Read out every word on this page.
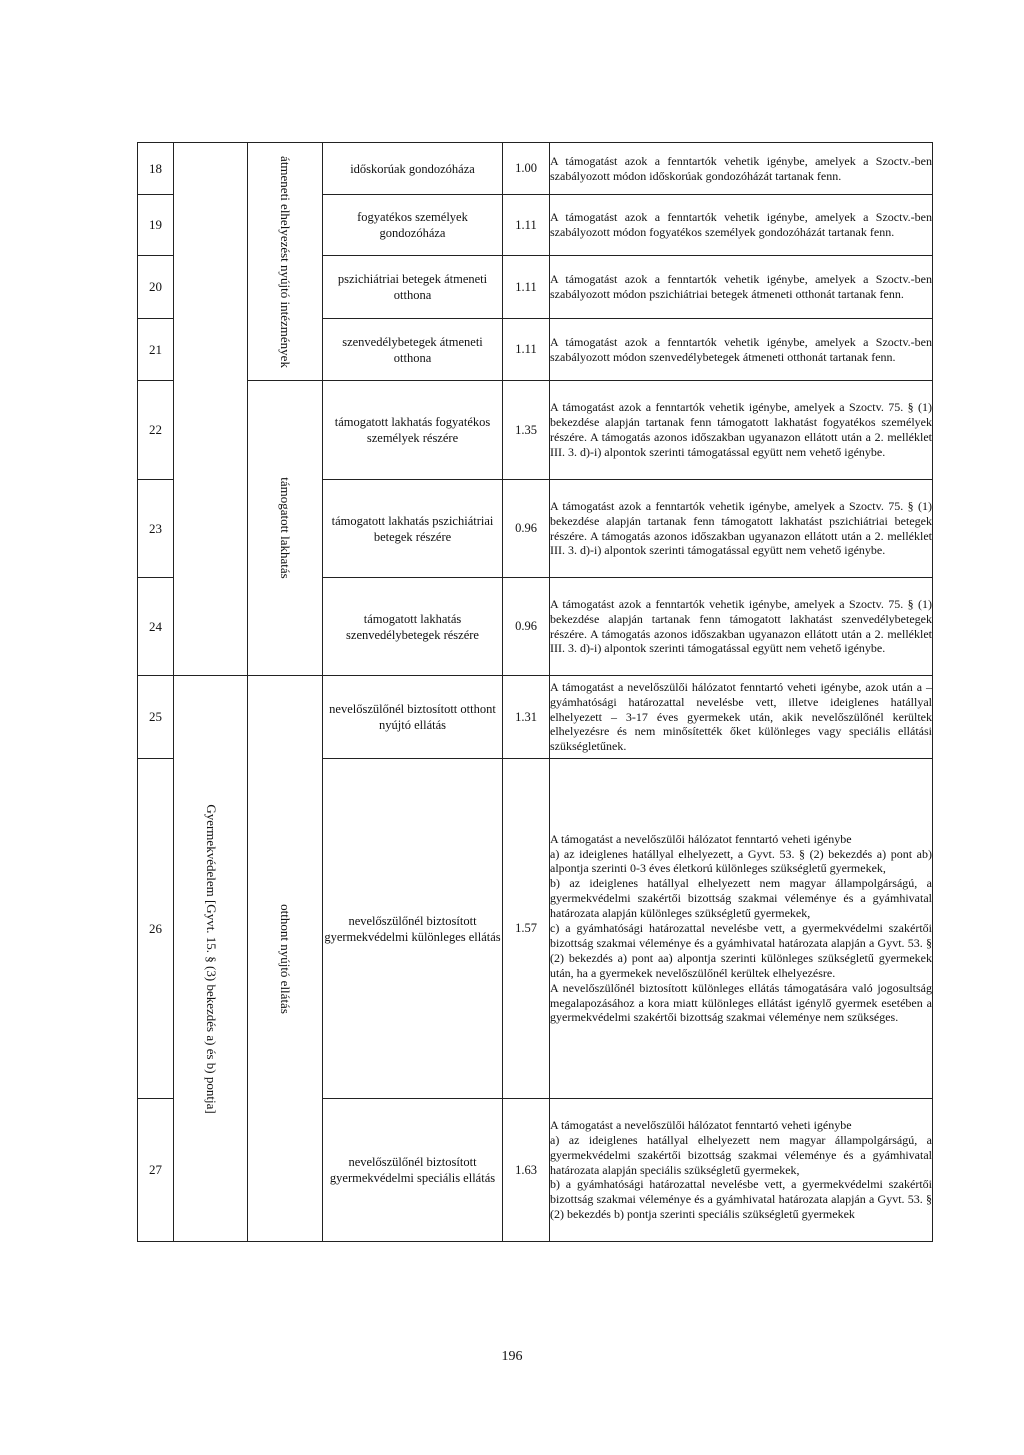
18		átmeneti elhelyezést nyújtó intézmények	időskorúak gondozóháza	1.00	A támogatást azok a fenntartók vehetik igénybe, amelyek a Szoctv.-ben szabályozott módon időskorúak gondozóházát tartanak fenn.
19			fogyatékos személyek gondozóháza	1.11	A támogatást azok a fenntartók vehetik igénybe, amelyek a Szoctv.-ben szabályozott módon fogyatékos személyek gondozóházát tartanak fenn.
20			pszichiátriai betegek átmeneti otthona	1.11	A támogatást azok a fenntartók vehetik igénybe, amelyek a Szoctv.-ben szabályozott módon pszichiátriai betegek átmeneti otthonát tartanak fenn.
21			szenvedélybetegek átmeneti otthona	1.11	A támogatást azok a fenntartók vehetik igénybe, amelyek a Szoctv.-ben szabályozott módon szenvedélybetegek átmeneti otthonát tartanak fenn.
22		támogatott lakhatás	támogatott lakhatás fogyatékos személyek részére	1.35	A támogatást azok a fenntartók vehetik igénybe, amelyek a Szoctv. 75. § (1) bekezdése alapján tartanak fenn támogatott lakhatást fogyatékos személyek részére. A támogatás azonos időszakban ugyanazon ellátott után a 2. melléklet III. 3. d)-i) alpontok szerinti támogatással együtt nem vehető igénybe.
23			támogatott lakhatás pszichiátriai betegek részére	0.96	A támogatást azok a fenntartók vehetik igénybe, amelyek a Szoctv. 75. § (1) bekezdése alapján tartanak fenn támogatott lakhatást pszichiátriai betegek részére. A támogatás azonos időszakban ugyanazon ellátott után a 2. melléklet III. 3. d)-i) alpontok szerinti támogatással együtt nem vehető igénybe.
24			támogatott lakhatás szenvedélybetegek részére	0.96	A támogatást azok a fenntartók vehetik igénybe, amelyek a Szoctv. 75. § (1) bekezdése alapján tartanak fenn támogatott lakhatást szenvedélybetegek részére. A támogatás azonos időszakban ugyanazon ellátott után a 2. melléklet III. 3. d)-i) alpontok szerinti támogatással együtt nem vehető igénybe.
25	Gyermekvédelem [Gyvt. 15. § (3) bekezdés a) és b) pontja]	otthont nyújtó ellátás	nevelőszülőnél biztosított otthont nyújtó ellátás	1.31	A támogatást a nevelőszülői hálózatot fenntartó veheti igénybe, azok után a – gyámhatósági határozattal nevelésbe vett, illetve ideiglenes hatállyal elhelyezett – 3-17 éves gyermekek után, akik nevelőszülőnél kerültek elhelyezésre és nem minősítették őket különleges vagy speciális ellátási szükségletűnek.
26			nevelőszülőnél biztosított gyermekvédelmi különleges ellátás	1.57	A támogatást a nevelőszülői hálózatot fenntartó veheti igénybe

a) az ideiglenes hatállyal elhelyezett, a Gyvt. 53. § (2) bekezdés a) pont ab) alpontja szerinti 0-3 éves életkorú különleges szükségletű gyermekek,

b) az ideiglenes hatállyal elhelyezett nem magyar állampolgárságú, a gyermekvédelmi szakértői bizottság szakmai véleménye és a gyámhivatal határozata alapján különleges szükségletű gyermekek,

c) a gyámhatósági határozattal nevelésbe vett, a gyermekvédelmi szakértői bizottság szakmai véleménye és a gyámhivatal határozata alapján a Gyvt. 53. § (2) bekezdés a) pont aa) alpontja szerinti különleges szükségletű gyermekek után, ha a gyermekek nevelőszülőnél kerültek elhelyezésre.

A nevelőszülőnél biztosított különleges ellátás támogatására való jogosultság megalapozásához a kora miatt különleges ellátást igénylő gyermek esetében a gyermekvédelmi szakértői bizottság szakmai véleménye nem szükséges.

27			nevelőszülőnél biztosított gyermekvédelmi speciális ellátás	1.63	A támogatást a nevelőszülői hálózatot fenntartó veheti igénybe

a) az ideiglenes hatállyal elhelyezett nem magyar állampolgárságú, a gyermekvédelmi szakértői bizottság szakmai véleménye és a gyámhivatal határozata alapján speciális szükségletű gyermekek,

b) a gyámhatósági határozattal nevelésbe vett, a gyermekvédelmi szakértői bizottság szakmai véleménye és a gyámhivatal határozata alapján a Gyvt. 53. § (2) bekezdés b) pontja szerinti speciális szükségletű gyermekek

196
